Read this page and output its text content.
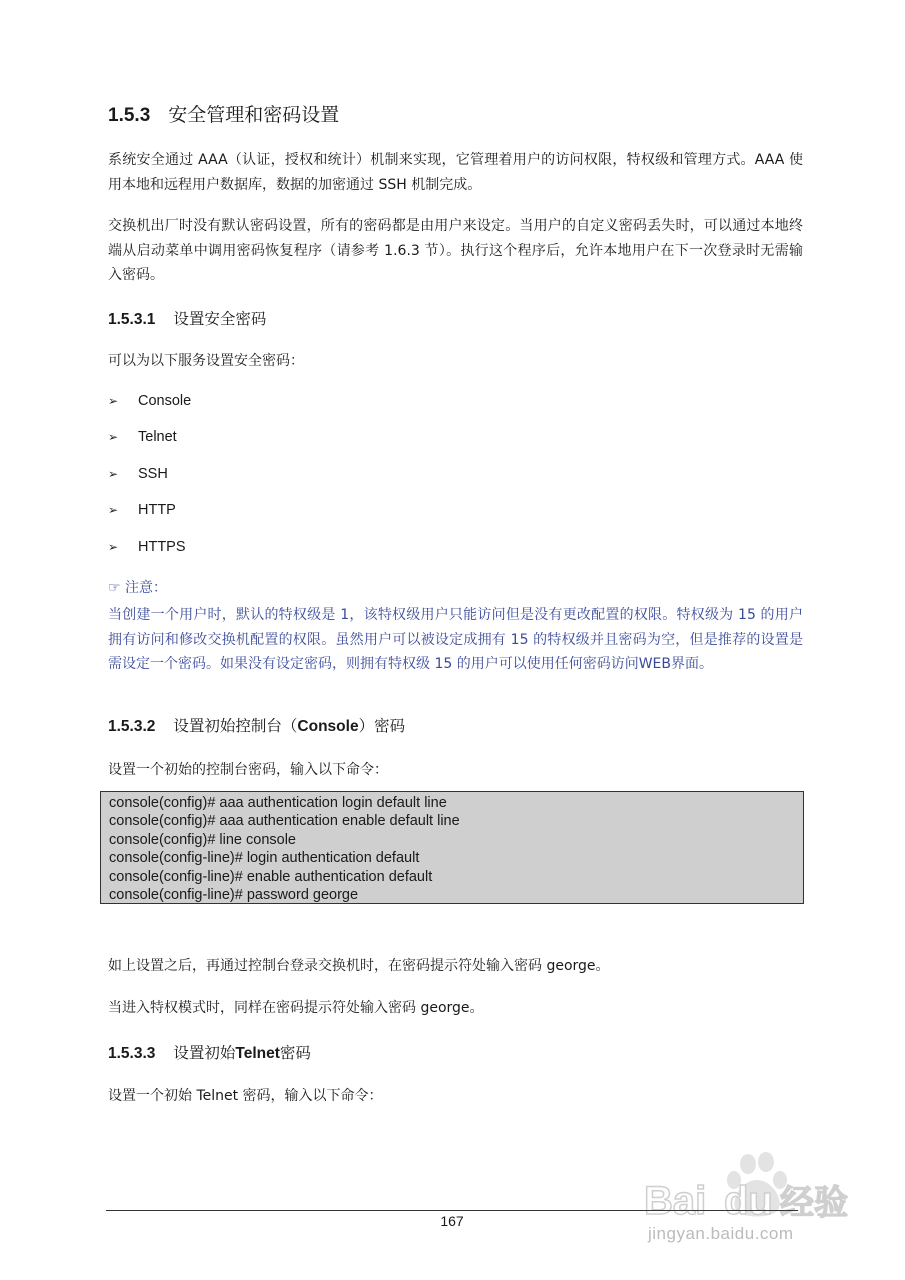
1.5.3 安全管理和密码设置
系统安全通过 AAA（认证，授权和统计）机制来实现，它管理着用户的访问权限，特权级和管理方式。AAA 使用本地和远程用户数据库，数据的加密通过 SSH 机制完成。
交换机出厂时没有默认密码设置，所有的密码都是由用户来设定。当用户的自定义密码丢失时，可以通过本地终端从启动菜单中调用密码恢复程序（请参考 1.6.3 节）。执行这个程序后，允许本地用户在下一次登录时无需输入密码。
1.5.3.1 设置安全密码
可以为以下服务设置安全密码：
➢ Console
➢ Telnet
➢ SSH
➢ HTTP
➢ HTTPS
☞ 注意：
当创建一个用户时，默认的特权级是 1，该特权级用户只能访问但是没有更改配置的权限。特权级为 15 的用户拥有访问和修改交换机配置的权限。虽然用户可以被设定成拥有 15 的特权级并且密码为空，但是推荐的设置是需设定一个密码。如果没有设定密码，则拥有特权级 15 的用户可以使用任何密码访问WEB界面。
1.5.3.2 设置初始控制台（Console）密码
设置一个初始的控制台密码，输入以下命令：
console(config)# aaa authentication login default line
console(config)# aaa authentication enable default line
console(config)# line console
console(config-line)# login authentication default
console(config-line)# enable authentication default
console(config-line)# password george
如上设置之后，再通过控制台登录交换机时，在密码提示符处输入密码 george。
当进入特权模式时，同样在密码提示符处输入密码 george。
1.5.3.3 设置初始Telnet密码
设置一个初始 Telnet 密码，输入以下命令：
Bai du 经验
jingyan.baidu.com
167
